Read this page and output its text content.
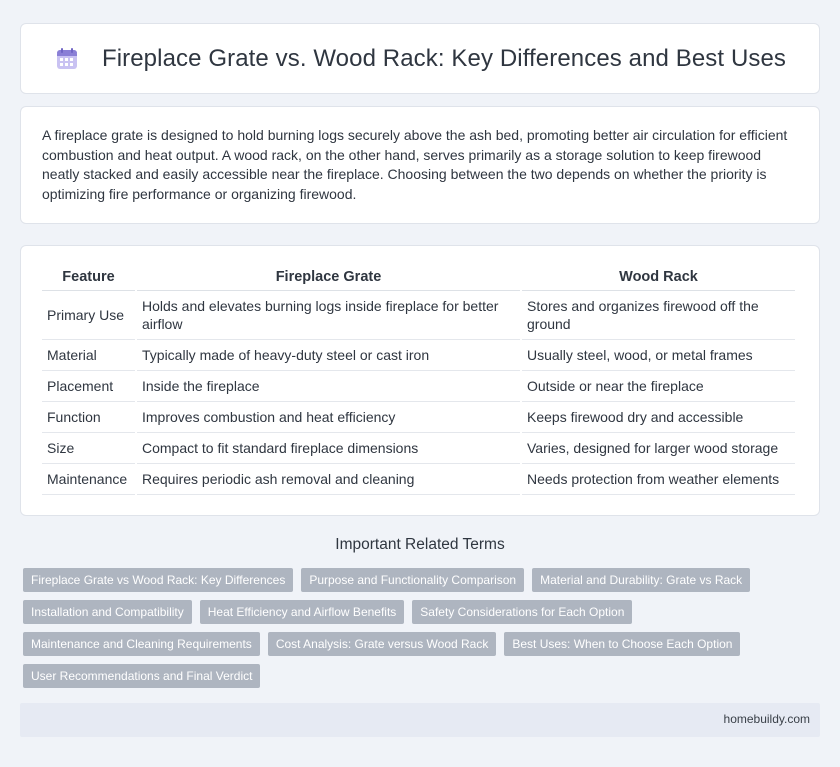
Fireplace Grate vs. Wood Rack: Key Differences and Best Uses

A fireplace grate is designed to hold burning logs securely above the ash bed, promoting better air circulation for efficient combustion and heat output. A wood rack, on the other hand, serves primarily as a storage solution to keep firewood neatly stacked and easily accessible near the fireplace. Choosing between the two depends on whether the priority is optimizing fire performance or organizing firewood.

Feature	Fireplace Grate	Wood Rack
Primary Use	Holds and elevates burning logs inside fireplace for better airflow	Stores and organizes firewood off the ground
Material	Typically made of heavy-duty steel or cast iron	Usually steel, wood, or metal frames
Placement	Inside the fireplace	Outside or near the fireplace
Function	Improves combustion and heat efficiency	Keeps firewood dry and accessible
Size	Compact to fit standard fireplace dimensions	Varies, designed for larger wood storage
Maintenance	Requires periodic ash removal and cleaning	Needs protection from weather elements
Important Related Terms
Fireplace Grate vs Wood Rack: Key Differences	Purpose and Functionality Comparison	Material and Durability: Grate vs Rack
Installation and Compatibility	Heat Efficiency and Airflow Benefits	Safety Considerations for Each Option
Maintenance and Cleaning Requirements	Cost Analysis: Grate versus Wood Rack	Best Uses: When to Choose Each Option
User Recommendations and Final Verdict
homebuildy.com
